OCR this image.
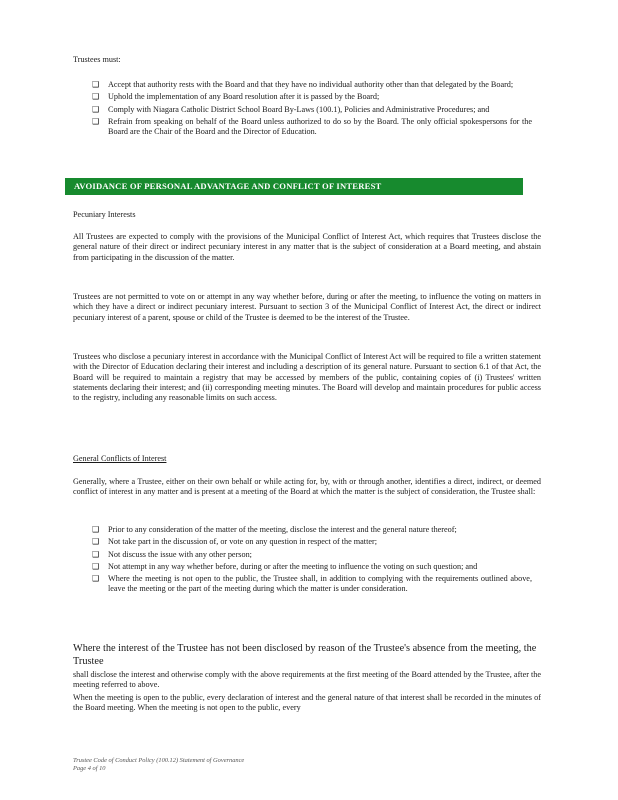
Trustees must:
❑ Accept that authority rests with the Board and that they have no individual authority other than that delegated by the Board;
❑ Uphold the implementation of any Board resolution after it is passed by the Board;
❑ Comply with Niagara Catholic District School Board By-Laws (100.1), Policies and Administrative Procedures; and
❑ Refrain from speaking on behalf of the Board unless authorized to do so by the Board. The only official spokespersons for the Board are the Chair of the Board and the Director of Education.
AVOIDANCE OF PERSONAL ADVANTAGE AND CONFLICT OF INTEREST
Pecuniary Interests
All Trustees are expected to comply with the provisions of the Municipal Conflict of Interest Act, which requires that Trustees disclose the general nature of their direct or indirect pecuniary interest in any matter that is the subject of consideration at a Board meeting, and abstain from participating in the discussion of the matter.
Trustees are not permitted to vote on or attempt in any way whether before, during or after the meeting, to influence the voting on matters in which they have a direct or indirect pecuniary interest. Pursuant to section 3 of the Municipal Conflict of Interest Act, the direct or indirect pecuniary interest of a parent, spouse or child of the Trustee is deemed to be the interest of the Trustee.
Trustees who disclose a pecuniary interest in accordance with the Municipal Conflict of Interest Act will be required to file a written statement with the Director of Education declaring their interest and including a description of its general nature. Pursuant to section 6.1 of that Act, the Board will be required to maintain a registry that may be accessed by members of the public, containing copies of (i) Trustees' written statements declaring their interest; and (ii) corresponding meeting minutes. The Board will develop and maintain procedures for public access to the registry, including any reasonable limits on such access.
General Conflicts of Interest
Generally, where a Trustee, either on their own behalf or while acting for, by, with or through another, identifies a direct, indirect, or deemed conflict of interest in any matter and is present at a meeting of the Board at which the matter is the subject of consideration, the Trustee shall:
❑ Prior to any consideration of the matter of the meeting, disclose the interest and the general nature thereof;
❑ Not take part in the discussion of, or vote on any question in respect of the matter;
❑ Not discuss the issue with any other person;
❑ Not attempt in any way whether before, during or after the meeting to influence the voting on such question; and
❑ Where the meeting is not open to the public, the Trustee shall, in addition to complying with the requirements outlined above, leave the meeting or the part of the meeting during which the matter is under consideration.
Where the interest of the Trustee has not been disclosed by reason of the Trustee's absence from the meeting, the Trustee
shall disclose the interest and otherwise comply with the above requirements at the first meeting of the Board attended by the Trustee, after the meeting referred to above.
When the meeting is open to the public, every declaration of interest and the general nature of that interest shall be recorded in the minutes of the Board meeting. When the meeting is not open to the public, every
Trustee Code of Conduct Policy (100.12) Statement of Governance
Page 4 of 10
